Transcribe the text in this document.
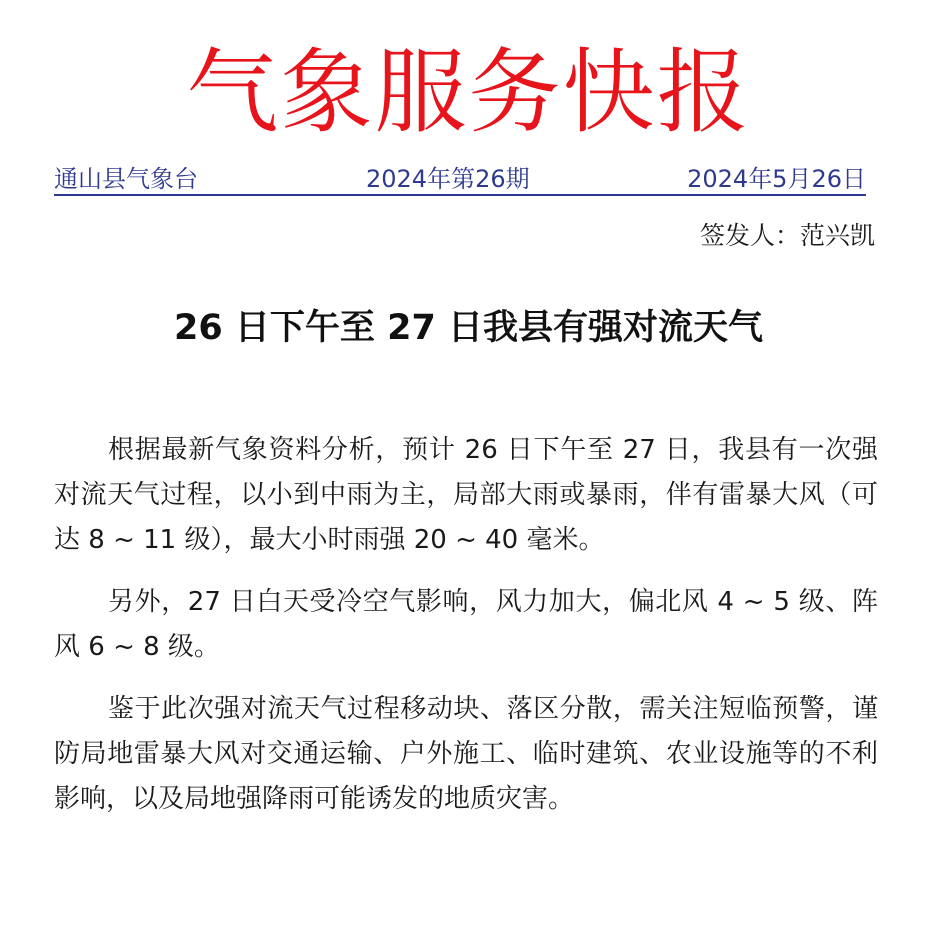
气象服务快报
通山县气象台	2024年第26期	2024年5月26日
签发人：范兴凯
26 日下午至 27 日我县有强对流天气

根据最新气象资料分析，预计 26 日下午至 27 日，我县有一次强对流天气过程，以小到中雨为主，局部大雨或暴雨，伴有雷暴大风（可达 8 ~ 11 级），最大小时雨强 20 ~ 40 毫米。

另外，27 日白天受冷空气影响，风力加大，偏北风 4 ~ 5 级、阵风 6 ~ 8 级。

鉴于此次强对流天气过程移动块、落区分散，需关注短临预警，谨防局地雷暴大风对交通运输、户外施工、临时建筑、农业设施等的不利影响，以及局地强降雨可能诱发的地质灾害。
